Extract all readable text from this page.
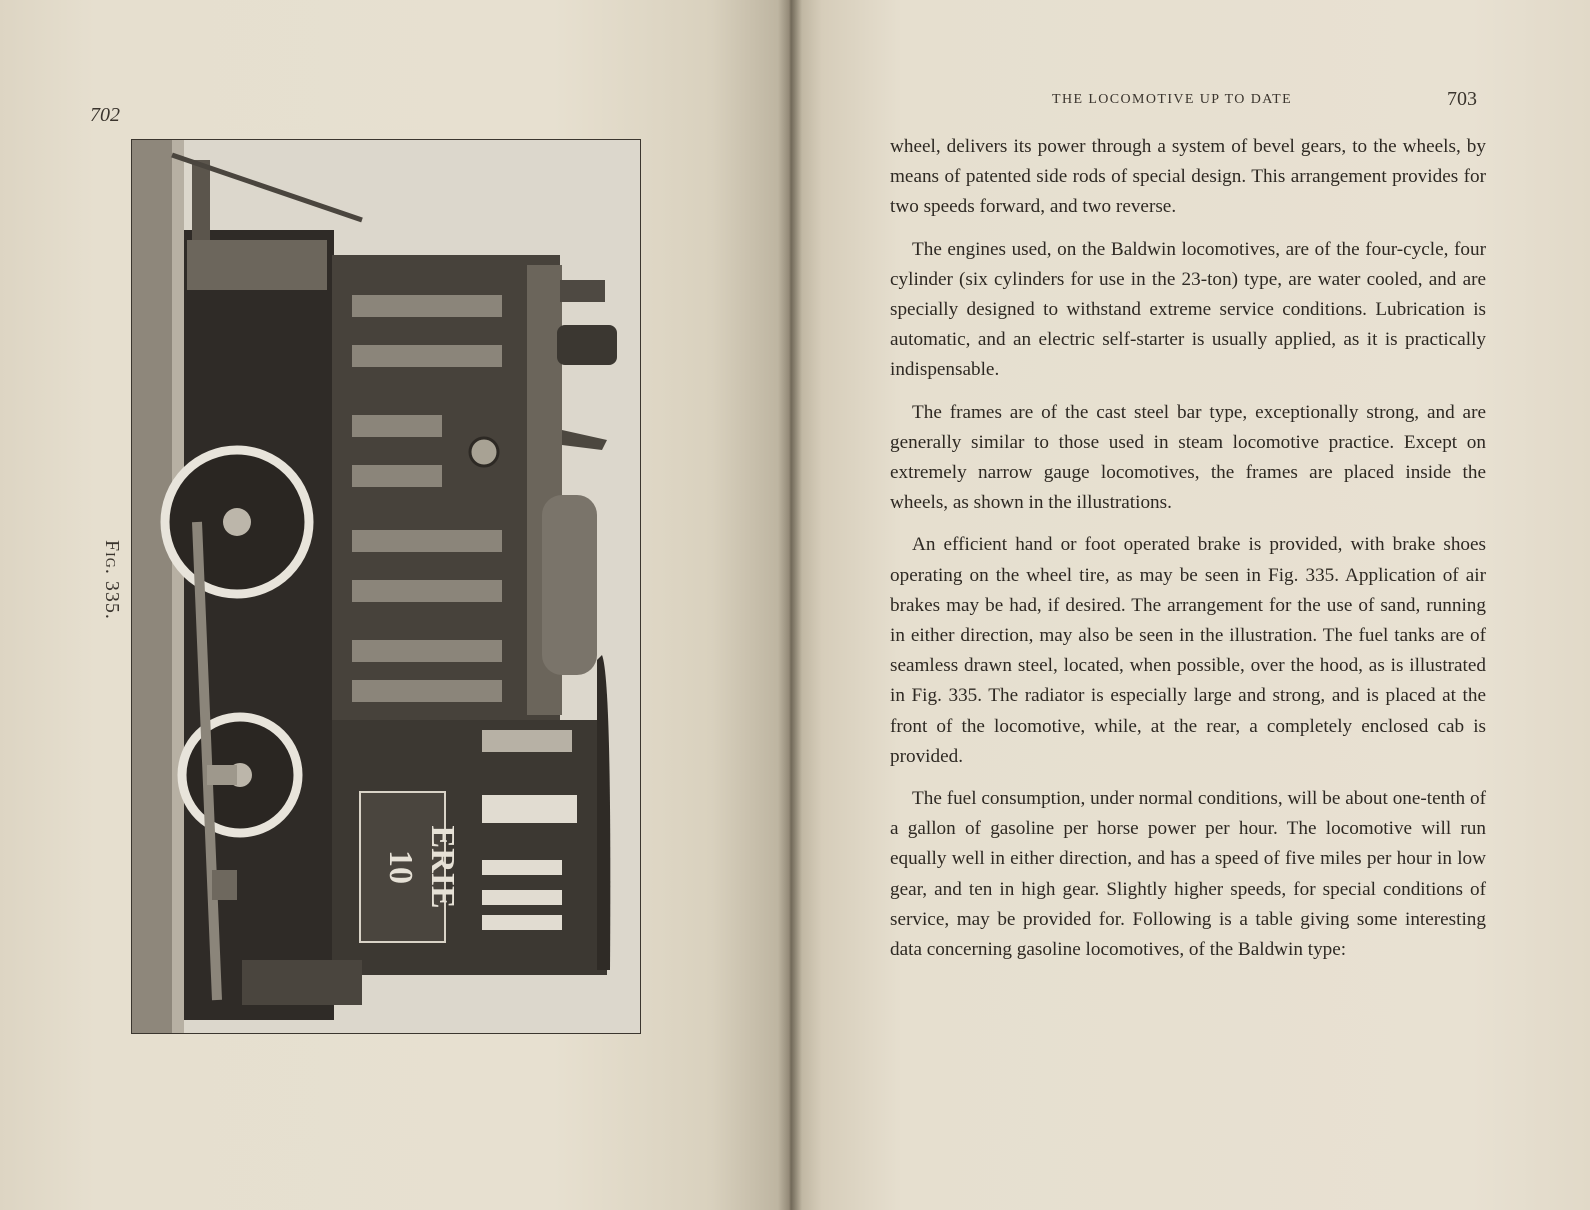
702
ERIE
10
Fig. 335.
THE LOCOMOTIVE UP TO DATE	703

wheel, delivers its power through a system of bevel gears, to the wheels, by means of patented side rods of special design. This arrangement provides for two speeds forward, and two reverse.

The engines used, on the Baldwin locomotives, are of the four-cycle, four cylinder (six cylinders for use in the 23-ton) type, are water cooled, and are specially designed to withstand extreme service conditions. Lubrication is automatic, and an electric self-starter is usually applied, as it is practically indispensable.

The frames are of the cast steel bar type, exceptionally strong, and are generally similar to those used in steam locomotive practice. Except on extremely narrow gauge locomotives, the frames are placed inside the wheels, as shown in the illustrations.

An efficient hand or foot operated brake is provided, with brake shoes operating on the wheel tire, as may be seen in Fig. 335. Application of air brakes may be had, if desired. The arrangement for the use of sand, running in either direction, may also be seen in the illustration. The fuel tanks are of seamless drawn steel, located, when possible, over the hood, as is illustrated in Fig. 335. The radiator is especially large and strong, and is placed at the front of the locomotive, while, at the rear, a completely enclosed cab is provided.

The fuel consumption, under normal conditions, will be about one-tenth of a gallon of gasoline per horse power per hour. The locomotive will run equally well in either direction, and has a speed of five miles per hour in low gear, and ten in high gear. Slightly higher speeds, for special conditions of service, may be provided for. Following is a table giving some interesting data concerning gasoline locomotives, of the Baldwin type:
